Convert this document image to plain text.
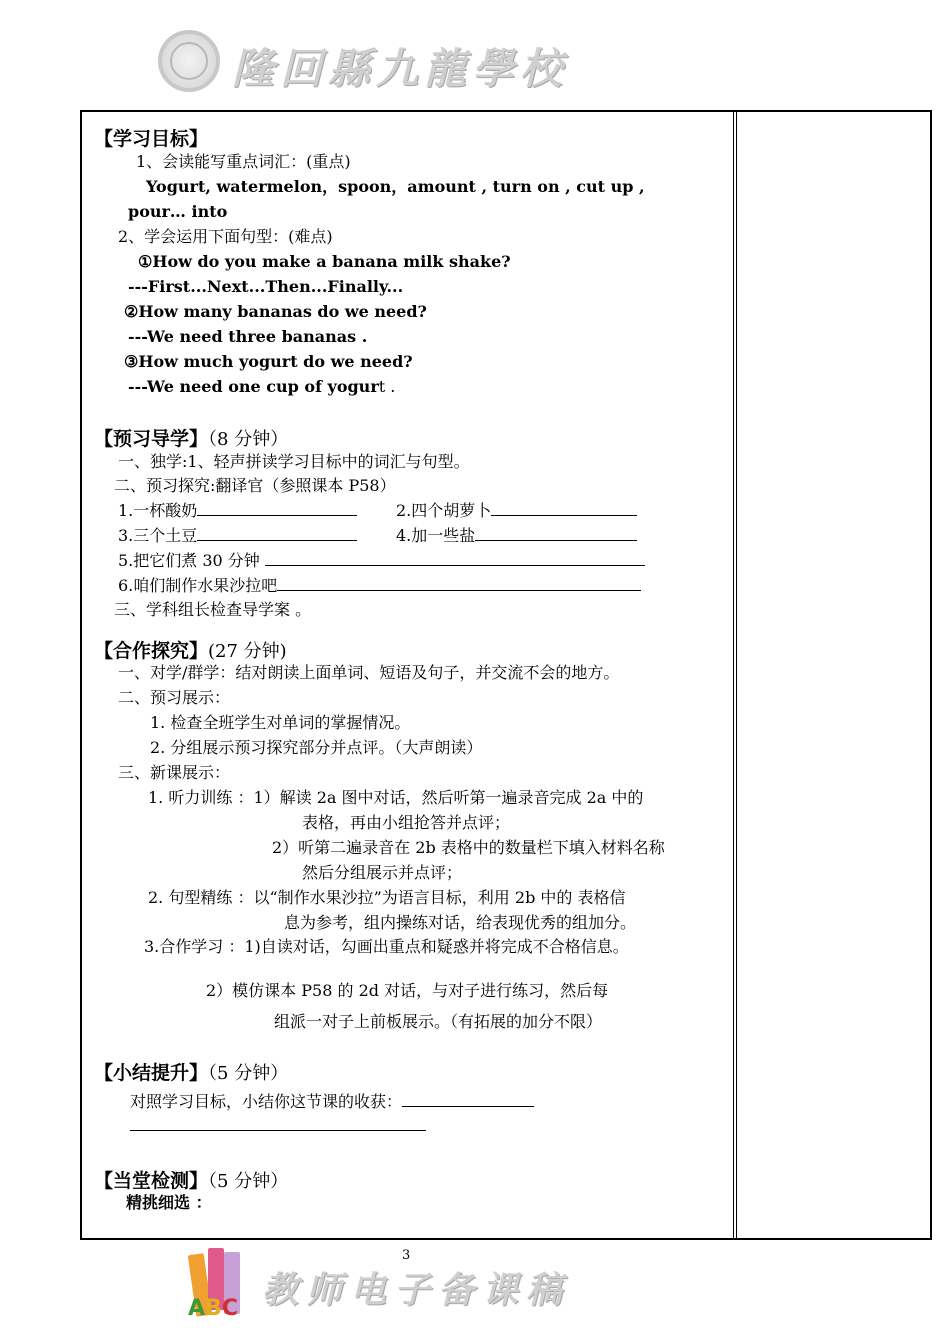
隆回縣九龍學校
【学习目标】
1、会读能写重点词汇：(重点)
Yogurt, watermelon，spoon，amount , turn on , cut up ,
pour… into
2、学会运用下面句型：(难点)
①How do you make a banana milk shake?
---First...Next...Then...Finally...
②How many bananas do we need?
---We need three bananas .
③How much yogurt do we need?
---We need one cup of yogurt .
【预习导学】（8 分钟）
一、独学:1、轻声拼读学习目标中的词汇与句型。
二、预习探究:翻译官（参照课本 P58）
1.一杯酸奶	2.四个胡萝卜
3.三个土豆	4.加一些盐
5.把它们煮 30 分钟
6.咱们制作水果沙拉吧
三、学科组长检查导学案 。
【合作探究】(27 分钟)
一、对学/群学：结对朗读上面单词、短语及句子，并交流不会的地方。
二、预习展示：
1. 检查全班学生对单词的掌握情况。
2. 分组展示预习探究部分并点评。（大声朗读）
三、新课展示：
1. 听力训练 ：1）解读 2a 图中对话，然后听第一遍录音完成 2a 中的
表格，再由小组抢答并点评；
2）听第二遍录音在 2b 表格中的数量栏下填入材料名称
然后分组展示并点评；
2. 句型精练 ：以“制作水果沙拉”为语言目标，利用 2b 中的 表格信
息为参考，组内操练对话，给表现优秀的组加分。
3.合作学习 ：1)自读对话，勾画出重点和疑惑并将完成不合格信息。
2）模仿课本 P58 的 2d 对话，与对子进行练习，然后每
组派一对子上前板展示。（有拓展的加分不限）
【小结提升】（5 分钟）
对照学习目标，小结你这节课的收获：
【当堂检测】（5 分钟）
精挑细选 ：
3
ABC 教师电子备课稿
